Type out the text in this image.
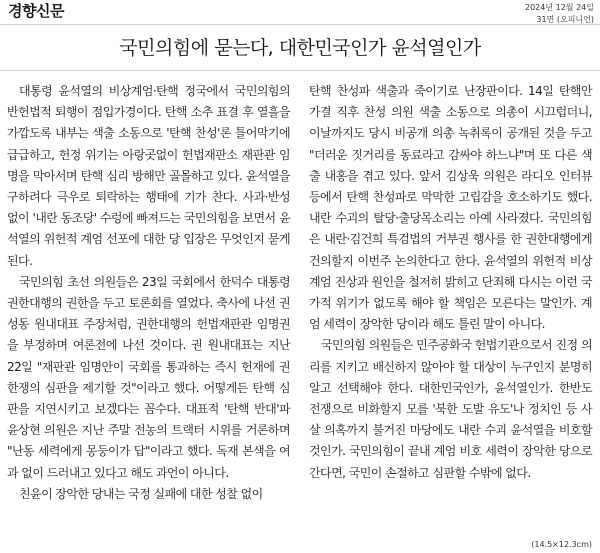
경향신문	2024년 12월 24일
31면 (오피니언)
국민의힘에 묻는다, 대한민국인가 윤석열인가

대통령 윤석열의 비상계엄·탄핵 정국에서 국민의힘의 반헌법적 퇴행이 점입가경이다. 탄핵 소추 표결 후 열흘을 가깝도록 내부는 색출 소동으로 '탄핵 찬성'론 틀어막기에 급급하고, 헌정 위기는 아랑곳없이 헌법재판소 재판관 임명을 막아서며 탄핵 심리 방해만 골몰하고 있다. 윤석열을 구하려다 극우로 퇴락하는 행태에 기가 찬다. 사과·반성 없이 '내란 동조당' 수렁에 빠져드는 국민의힘을 보면서 윤석열의 위헌적 계엄 선포에 대한 당 입장은 무엇인지 묻게 된다.

국민의힘 초선 의원들은 23일 국회에서 한덕수 대통령 권한대행의 권한을 두고 토론회를 열었다. 축사에 나선 권성동 원내대표 주장처럼, 권한대행의 헌법재판관 임명권을 부정하며 여론전에 나선 것이다. 권 원내대표는 지난 22일 "재판관 임명안이 국회를 통과하는 즉시 헌재에 권한쟁의 심판을 제기할 것"이라고 했다. 어떻게든 탄핵 심판을 지연시키고 보겠다는 꼼수다. 대표적 '탄핵 반대'파 윤상현 의원은 지난 주말 전농의 트랙터 시위를 거론하며 "난동 세력에게 몽둥이가 답"이라고 했다. 독재 본색을 여과 없이 드러내고 있다고 해도 과언이 아니다.

친윤이 장악한 당내는 국정 실패에 대한 성찰 없이

탄핵 찬성파 색출과 죽이기로 난장판이다. 14일 탄핵안 가결 직후 찬성 의원 색출 소동으로 의총이 시끄럽더니, 이날까지도 당시 비공개 의총 녹취록이 공개된 것을 두고 "더러운 짓거리를 동료라고 감싸야 하느냐"며 또 다른 색출 내홍을 겪고 있다. 앞서 김상욱 의원은 라디오 인터뷰 등에서 탄핵 찬성파로 막막한 고립감을 호소하기도 했다. 내란 수괴의 탈당·출당목소리는 아예 사라졌다. 국민의힘은 내란·김건희 특검법의 거부권 행사를 한 권한대행에게 건의할지 이번주 논의한다고 한다. 윤석열의 위헌적 비상계엄 진상과 원인을 철저히 밝히고 단죄해 다시는 이런 국가적 위기가 없도록 해야 할 책임은 모른다는 말인가. 계엄 세력이 장악한 당이라 해도 틀린 말이 아니다.

국민의힘 의원들은 민주공화국 헌법기관으로서 진정 의리를 지키고 배신하지 않아야 할 대상이 누구인지 분명히 알고 선택해야 한다. 대한민국인가, 윤석열인가. 한반도 전쟁으로 비화할지 모를 '북한 도발 유도'나 정치인 등 사살 의혹까지 불거진 마당에도 내란 수괴 윤석열을 비호할 것인가. 국민의힘이 끝내 계엄 비호 세력이 장악한 당으로 간다면, 국민이 손절하고 심판할 수밖에 없다.

(14.5×12.3cm)
